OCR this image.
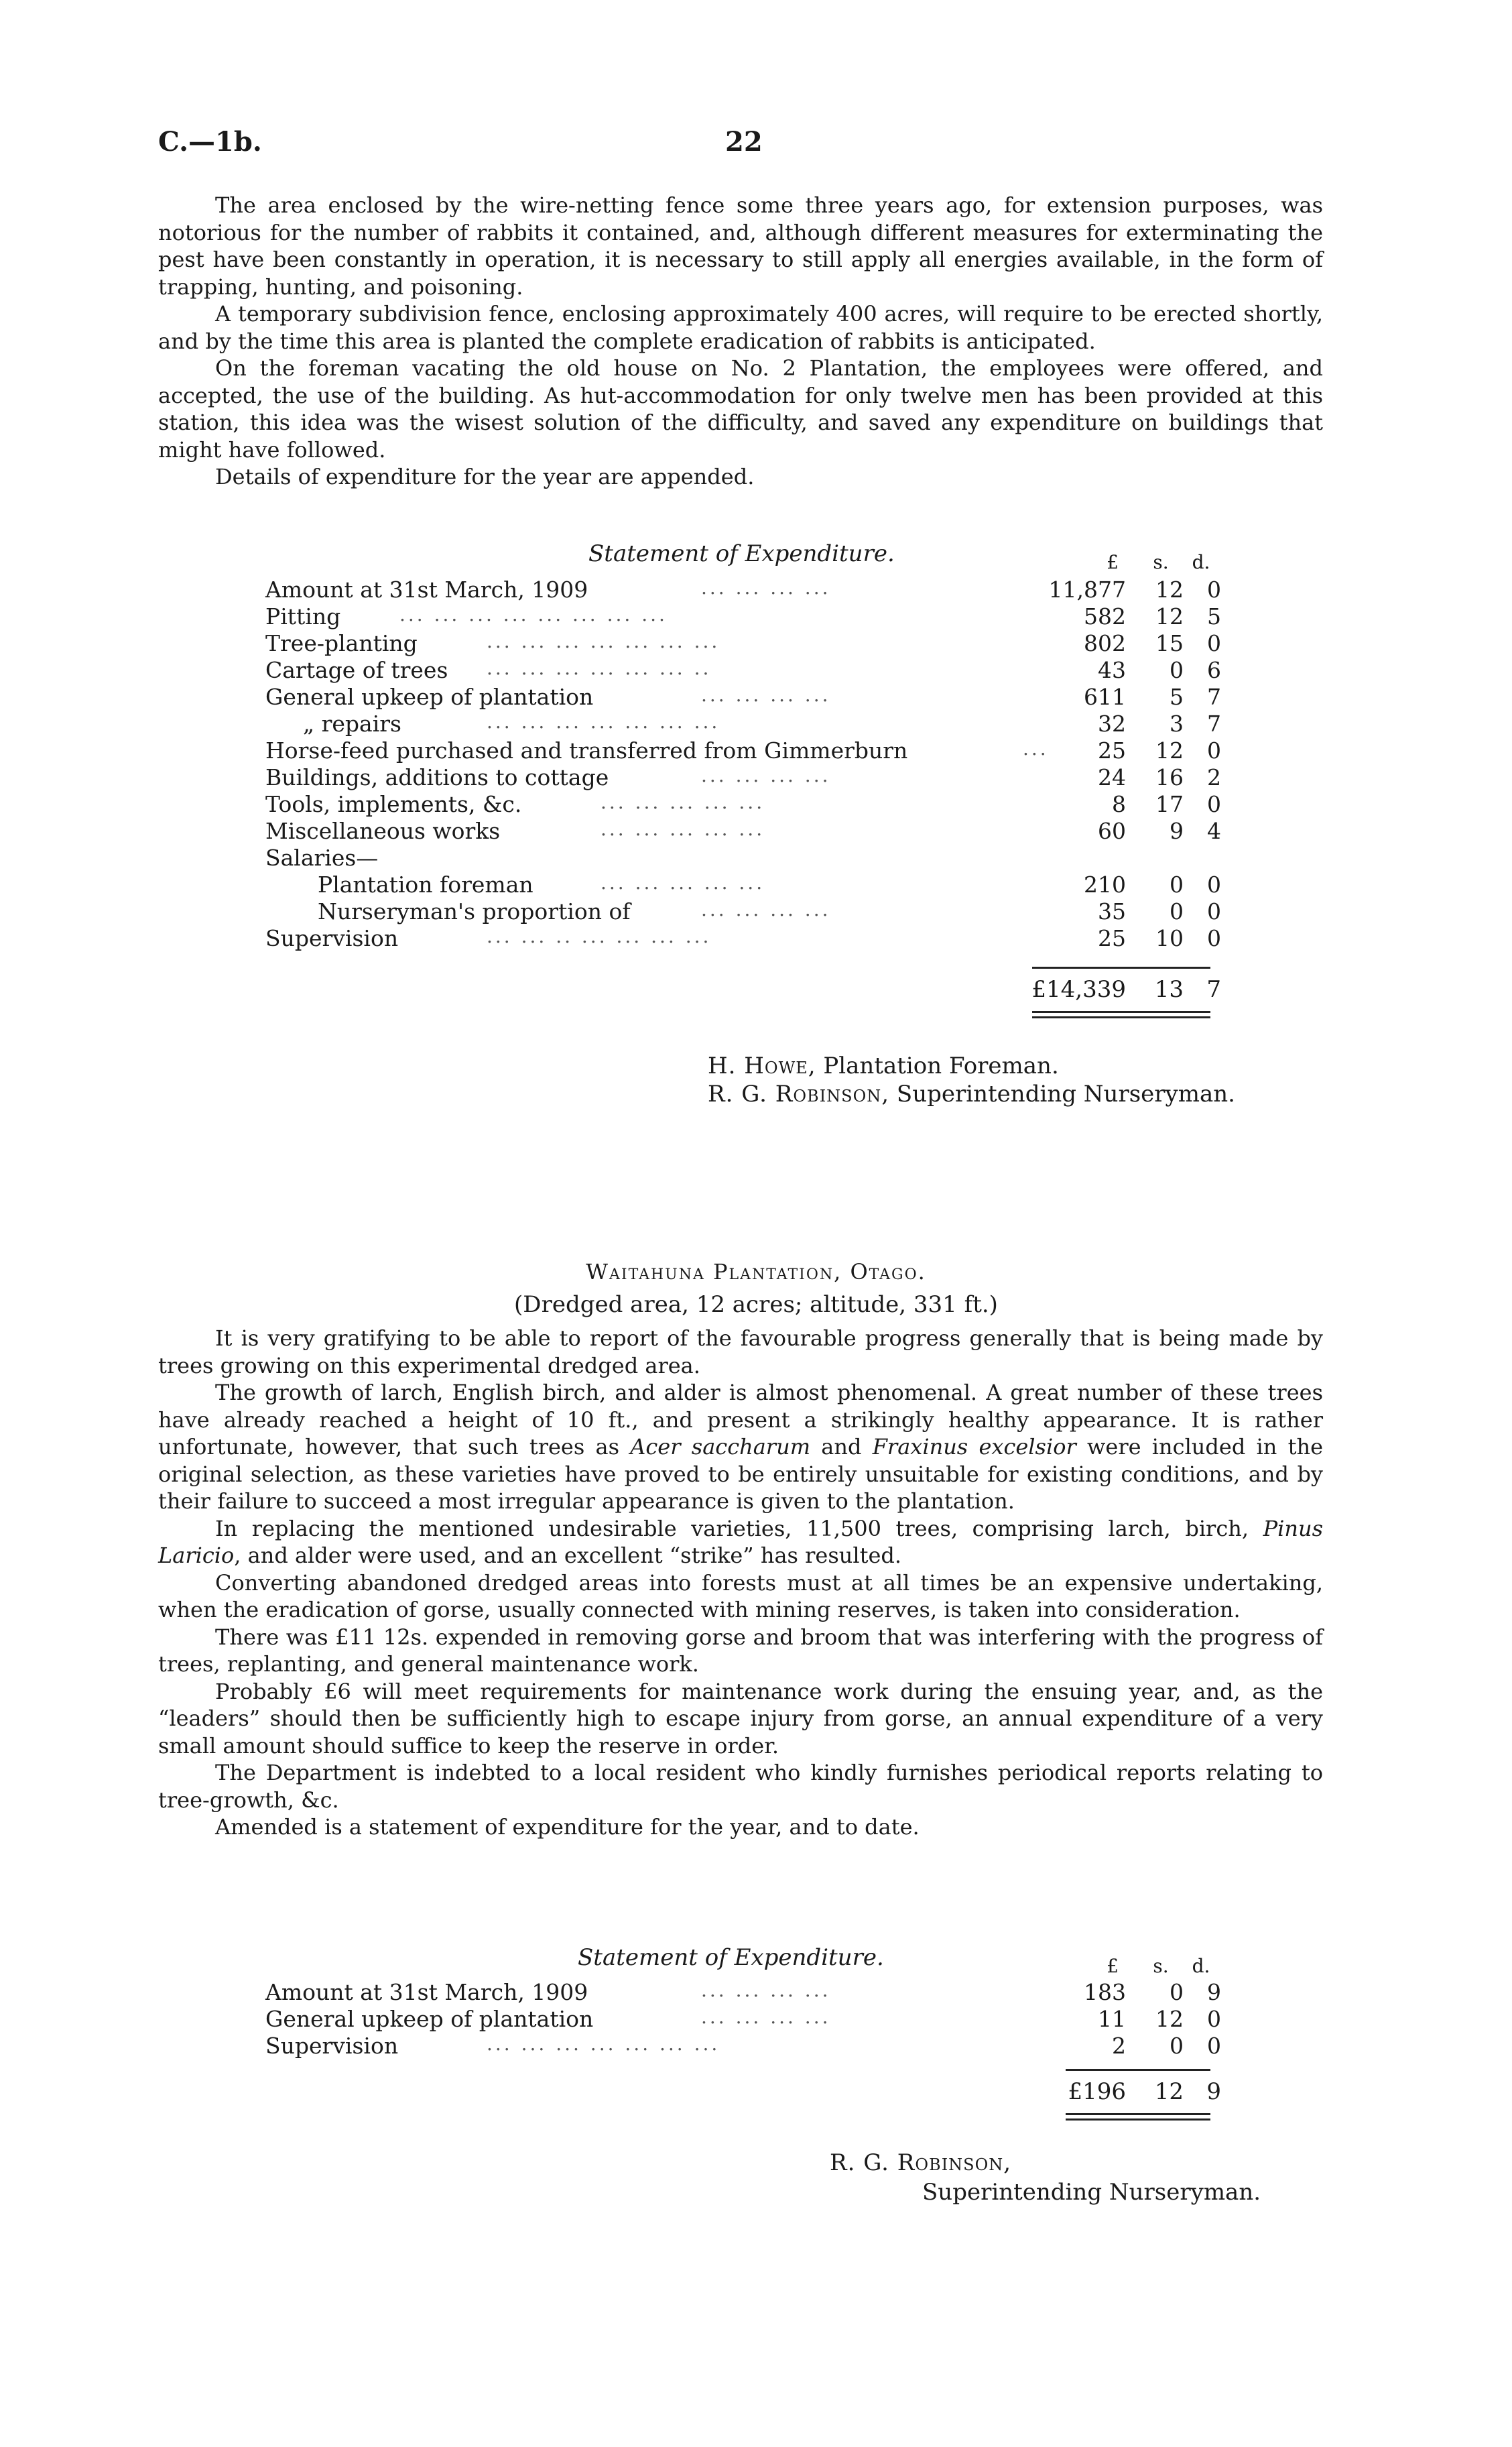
C.—1b.	22

The area enclosed by the wire-netting fence some three years ago, for extension purposes, was notorious for the number of rabbits it contained, and, although different measures for exterminating the pest have been constantly in operation, it is necessary to still apply all energies available, in the form of trapping, hunting, and poisoning.

A temporary subdivision fence, enclosing approximately 400 acres, will require to be erected shortly, and by the time this area is planted the complete eradication of rabbits is anticipated.

On the foreman vacating the old house on No. 2 Plantation, the employees were offered, and accepted, the use of the building. As hut-accommodation for only twelve men has been provided at this station, this idea was the wisest solution of the difficulty, and saved any expenditure on buildings that might have followed.

Details of expenditure for the year are appended.

Statement of Expenditure.	£	s.	d.
Amount at 31st March, 1909	... ... ... ...	11,877	12	0
Pitting	... ... ... ... ... ... ... ...	582	12	5
Tree-planting	... ... ... ... ... ... ...	802	15	0
Cartage of trees ... ... ... ... ... ... ..	43	0	6
General upkeep of plantation	... ... ... ...	611	5	7
„ repairs	... ... ... ... ... ... ...	32	3	7
Horse-feed purchased and transferred from Gimmerburn	...	25	12	0
Buildings, additions to cottage	... ... ... ...	24	16	2
Tools, implements, &c.	... ... ... ... ...	8	17	0
Miscellaneous works	... ... ... ... ...	60	9	4
Salaries—
Plantation foreman	... ... ... ... ...	210	0	0
Nurseryman's proportion of	... ... ... ...	35	0	0
Supervision	... ... .. ... ... ... ...	25	10	0
£14,339	13	7
H. Howe, Plantation Foreman.
R. G. Robinson, Superintending Nurseryman.
Waitahuna Plantation, Otago.
(Dredged area, 12 acres; altitude, 331 ft.)

It is very gratifying to be able to report of the favourable progress generally that is being made by trees growing on this experimental dredged area.

The growth of larch, English birch, and alder is almost phenomenal. A great number of these trees have already reached a height of 10 ft., and present a strikingly healthy appearance. It is rather unfortunate, however, that such trees as Acer saccharum and Fraxinus excelsior were included in the original selection, as these varieties have proved to be entirely unsuitable for existing conditions, and by their failure to succeed a most irregular appearance is given to the plantation.

In replacing the mentioned undesirable varieties, 11,500 trees, comprising larch, birch, Pinus Laricio, and alder were used, and an excellent “strike” has resulted.

Converting abandoned dredged areas into forests must at all times be an expensive undertaking, when the eradication of gorse, usually connected with mining reserves, is taken into consideration.

There was £11 12s. expended in removing gorse and broom that was interfering with the progress of trees, replanting, and general maintenance work.

Probably £6 will meet requirements for maintenance work during the ensuing year, and, as the “leaders” should then be sufficiently high to escape injury from gorse, an annual expenditure of a very small amount should suffice to keep the reserve in order.

The Department is indebted to a local resident who kindly furnishes periodical reports relating to tree-growth, &c.

Amended is a statement of expenditure for the year, and to date.

Statement of Expenditure.	£	s.	d.
Amount at 31st March, 1909	... ... ... ...	183	0	9
General upkeep of plantation	... ... ... ...	11	12	0
Supervision	... ... ... ... ... ... ...	2	0	0
£196	12	9
R. G. Robinson,
Superintending Nurseryman.
